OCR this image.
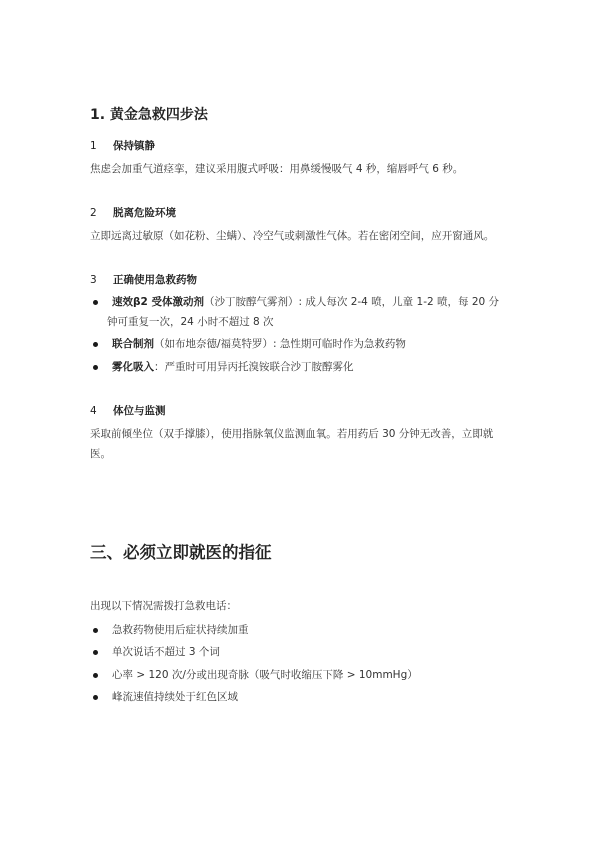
1. 黄金急救四步法
1 保持镇静
焦虑会加重气道痉挛，建议采用腹式呼吸：用鼻缓慢吸气 4 秒，缩唇呼气 6 秒。
2 脱离危险环境
立即远离过敏原（如花粉、尘螨）、冷空气或刺激性气体。若在密闭空间，应开窗通风。
3 正确使用急救药物
速效β2 受体激动剂（沙丁胺醇气雾剂）: 成人每次 2-4 喷，儿童 1-2 喷，每 20 分钟可重复一次，24 小时不超过 8 次
联合制剂（如布地奈德/福莫特罗）: 急性期可临时作为急救药物
雾化吸入：严重时可用异丙托溴铵联合沙丁胺醇雾化
4 体位与监测
采取前倾坐位（双手撑膝），使用指脉氧仪监测血氧。若用药后 30 分钟无改善，立即就医。
三、必须立即就医的指征
出现以下情况需拨打急救电话：
急救药物使用后症状持续加重
单次说话不超过 3 个词
心率 > 120 次/分或出现奇脉（吸气时收缩压下降 > 10mmHg）
峰流速值持续处于红色区域
